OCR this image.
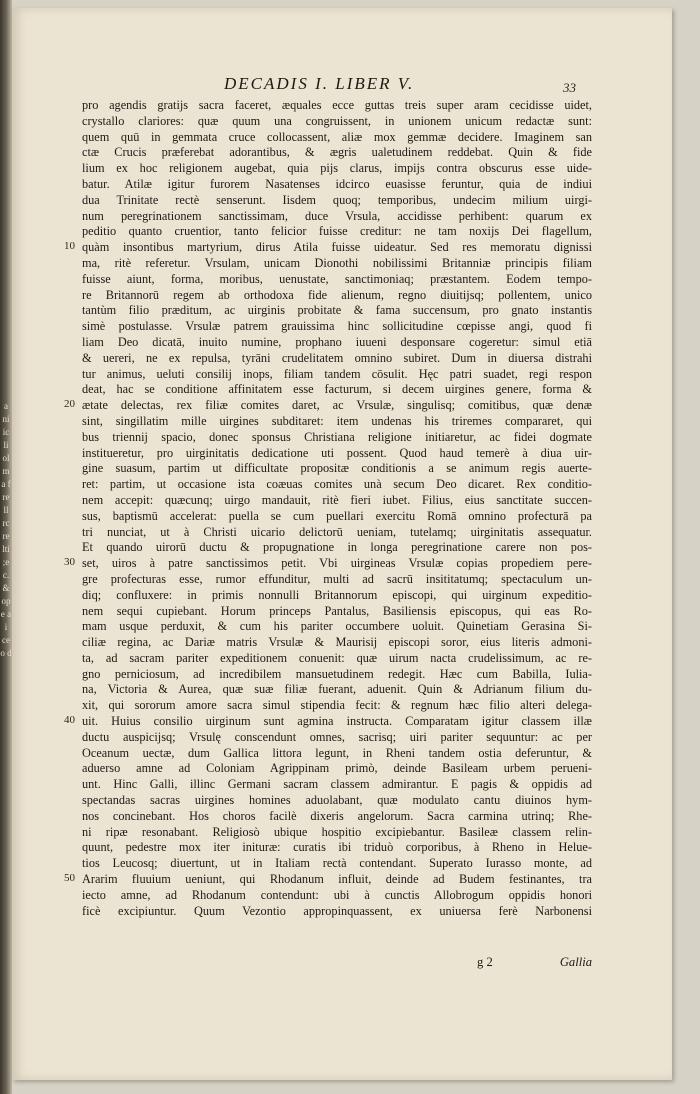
a ni ic li ol m a f re ll rc re lti ;e c. & op e a i ce o d
DECADIS I. LIBER V.	33
pro agendis gratijs sacra faceret, æquales ecce guttas treis super aram cecidisse uidet,
crystallo clariores: quæ quum una congruissent, in unionem unicum redactæ sunt:
quem quū in gemmata cruce collocassent, aliæ mox gemmæ decidere. Imaginem san
ctæ Crucis præferebat adorantibus, & ægris ualetudinem reddebat. Quin & fide
lium ex hoc religionem augebat, quia pijs clarus, impijs contra obscurus esse uide-
batur. Atilæ igitur furorem Nasatenses idcirco euasisse feruntur, quia de indiui
dua Trinitate rectè senserunt. Iisdem quoq; temporibus, undecim milium uirgi-
num peregrinationem sanctissimam, duce Vrsula, accidisse perhibent: quarum ex
peditio quanto cruentior, tanto felicior fuisse creditur: ne tam noxijs Dei flagellum,
quàm insontibus martyrium, dirus Atila fuisse uideatur. Sed res memoratu dignissi
10
ma, ritè referetur. Vrsulam, unicam Dionothi nobilissimi Britanniæ principis filiam
fuisse aiunt, forma, moribus, uenustate, sanctimoniaq; præstantem. Eodem tempo-
re Britannorū regem ab orthodoxa fide alienum, regno diuitijsq; pollentem, unico
tantùm filio præditum, ac uirginis probitate & fama succensum, pro gnato instantis
simè postulasse. Vrsulæ patrem grauissima hinc sollicitudine cœpisse angi, quod fi
liam Deo dicatā, inuito numine, prophano iuueni desponsare cogeretur: simul etiā
& uereri, ne ex repulsa, tyrāni crudelitatem omnino subiret. Dum in diuersa distrahi
tur animus, ueluti consilij inops, filiam tandem cōsulit. Hęc patri suadet, regi respon
deat, hac se conditione affinitatem esse facturum, si decem uirgines genere, forma &
ætate delectas, rex filiæ comites daret, ac Vrsulæ, singulisq; comitibus, quæ denæ
20
sint, singillatim mille uirgines subditaret: item undenas his triremes compararet, qui
bus triennij spacio, donec sponsus Christiana religione initiaretur, ac fidei dogmate
institueretur, pro uirginitatis dedicatione uti possent. Quod haud temerè à diua uir-
gine suasum, partim ut difficultate propositæ conditionis a se animum regis auerte-
ret: partim, ut occasione ista coæuas comites unà secum Deo dicaret. Rex conditio-
nem accepit: quæcunq; uirgo mandauit, ritè fieri iubet. Filius, eius sanctitate succen-
sus, baptismū accelerat: puella se cum puellari exercitu Romā omnino profecturā pa
tri nunciat, ut à Christi uicario delictorū ueniam, tutelamq; uirginitatis assequatur.
Et quando uirorū ductu & propugnatione in longa peregrinatione carere non pos-
set, uiros à patre sanctissimos petit. Vbi uirgineas Vrsulæ copias propediem pere-
30
gre profecturas esse, rumor effunditur, multi ad sacrū insititatumq; spectaculum un-
diq; confluxere: in primis nonnulli Britannorum episcopi, qui uirginum expeditio-
nem sequi cupiebant. Horum princeps Pantalus, Basiliensis episcopus, qui eas Ro-
mam usque perduxit, & cum his pariter occumbere uoluit. Quinetiam Gerasina Si-
ciliæ regina, ac Dariæ matris Vrsulæ & Maurisij episcopi soror, eius literis admoni-
ta, ad sacram pariter expeditionem conuenit: quæ uirum nacta crudelissimum, ac re-
gno perniciosum, ad incredibilem mansuetudinem redegit. Hæc cum Babilla, Iulia-
na, Victoria & Aurea, quæ suæ filiæ fuerant, aduenit. Quin & Adrianum filium du-
xit, qui sororum amore sacra simul stipendia fecit: & regnum hæc filio alteri delega-
uit. Huius consilio uirginum sunt agmina instructa. Comparatam igitur classem illæ
40
ductu auspicijsq; Vrsulę conscendunt omnes, sacrisq; uiri pariter sequuntur: ac per
Oceanum uectæ, dum Gallica littora legunt, in Rheni tandem ostia deferuntur, &
aduerso amne ad Coloniam Agrippinam primò, deinde Basileam urbem perueni-
unt. Hinc Galli, illinc Germani sacram classem admirantur. E pagis & oppidis ad
spectandas sacras uirgines homines aduolabant, quæ modulato cantu diuinos hym-
nos concinebant. Hos choros facilè dixeris angelorum. Sacra carmina utrinq; Rhe-
ni ripæ resonabant. Religiosò ubique hospitio excipiebantur. Basileæ classem relin-
quunt, pedestre mox iter inituræ: curatis ibi triduò corporibus, à Rheno in Helue-
tios Leucosq; diuertunt, ut in Italiam rectà contendant. Superato Iurasso monte, ad
Ararim fluuium ueniunt, qui Rhodanum influit, deinde ad Budem festinantes, tra
50
iecto amne, ad Rhodanum contendunt: ubi à cunctis Allobrogum oppidis honori
ficè excipiuntur. Quum Vezontio appropinquassent, ex uniuersa ferè Narbonensi
g 2	Gallia
